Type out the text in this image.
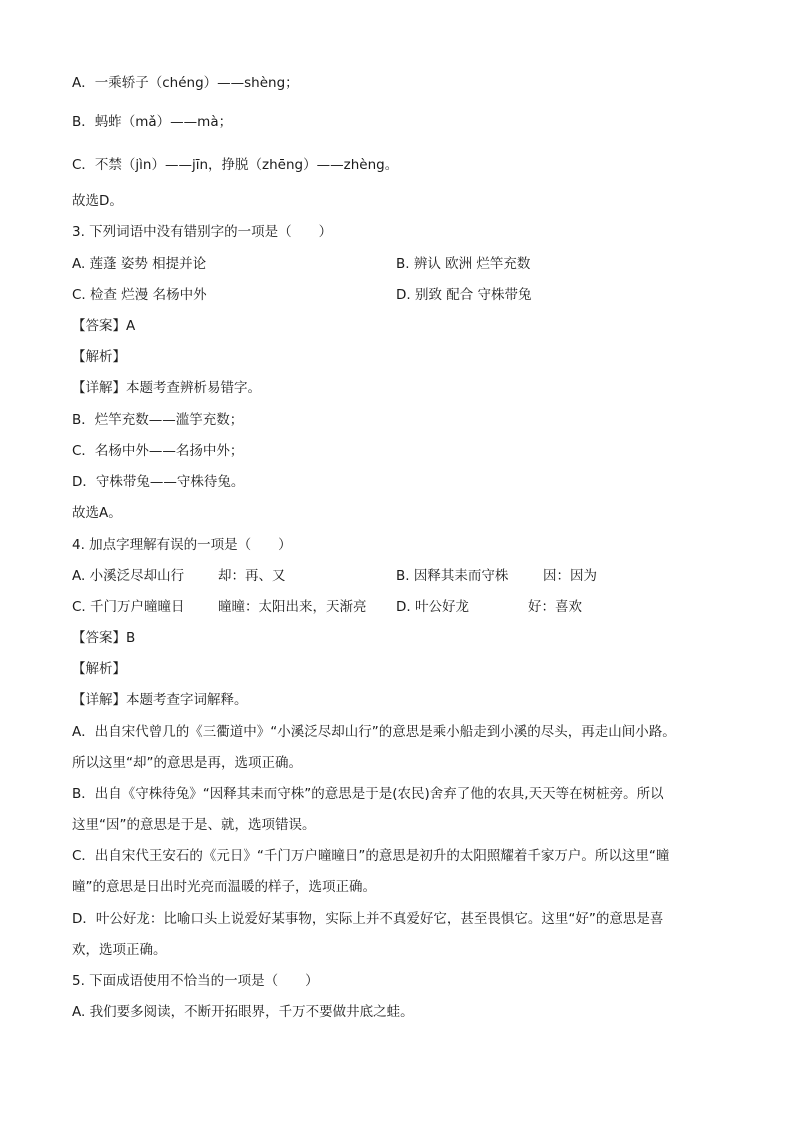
A．一乘轿子（chéng）——shèng；
B．蚂蚱（mǎ）——mà；
C．不禁（jìn）——jīn，挣脱（zhēng）——zhèng。
故选D。
3. 下列词语中没有错别字的一项是（　　）
A. 莲蓬 姿势 相提并论	B. 辨认 欧洲 烂竿充数
C. 检查 烂漫 名杨中外	D. 别致 配合 守株带兔
【答案】A
【解析】
【详解】本题考查辨析易错字。
B．烂竿充数——滥竽充数；
C．名杨中外——名扬中外；
D．守株带兔——守株待兔。
故选A。
4. 加点字理解有误的一项是（　　）
A. 小溪泛尽却山行	却：再、又	B. 因释其耒而守株	因：因为
C. 千门万户曈曈日 曈曈：太阳出来，天渐亮 D. 叶公好龙	好：喜欢
【答案】B
【解析】
【详解】本题考查字词解释。
A．出自宋代曾几的《三衢道中》“小溪泛尽却山行”的意思是乘小船走到小溪的尽头，再走山间小路。
所以这里“却”的意思是再，选项正确。
B．出自《守株待兔》“因释其耒而守株”的意思是于是(农民)舍弃了他的农具,天天等在树桩旁。所以
这里“因”的意思是于是、就，选项错误。
C．出自宋代王安石的《元日》“千门万户曈曈日”的意思是初升的太阳照耀着千家万户。所以这里“曈
曈”的意思是日出时光亮而温暖的样子，选项正确。
D．叶公好龙：比喻口头上说爱好某事物，实际上并不真爱好它，甚至畏惧它。这里“好”的意思是喜
欢，选项正确。
5. 下面成语使用不恰当的一项是（　　）
A. 我们要多阅读，不断开拓眼界，千万不要做井底之蛙。
